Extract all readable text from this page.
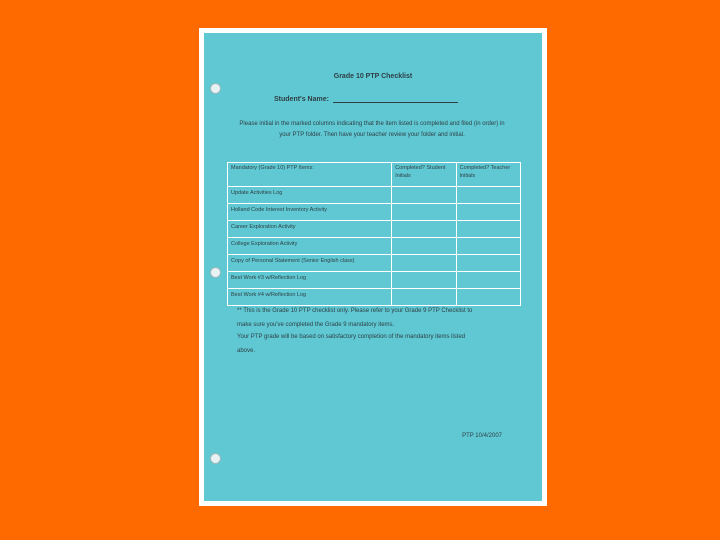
Grade 10 PTP Checklist
Student's Name:
Please initial in the marked columns indicating that the item listed is completed and filed (in order) in your PTP folder. Then have your teacher review your folder and initial.
Mandatory (Grade 10) PTP Items:	Completed? Student Initials	Completed? Teacher Initials
Update Activities Log		
Holland Code Interest Inventory Activity		
Career Exploration Activity		
College Exploration Activity		
Copy of Personal Statement (Senior English class)		
Best Work #3 w/Reflection Log		
Best Work #4 w/Reflection Log		
** This is the Grade 10 PTP checklist only. Please refer to your Grade 9 PTP Checklist to
make sure you've completed the Grade 9 mandatory items.
Your PTP grade will be based on satisfactory completion of the mandatory items listed
above.
PTP 10/4/2007
